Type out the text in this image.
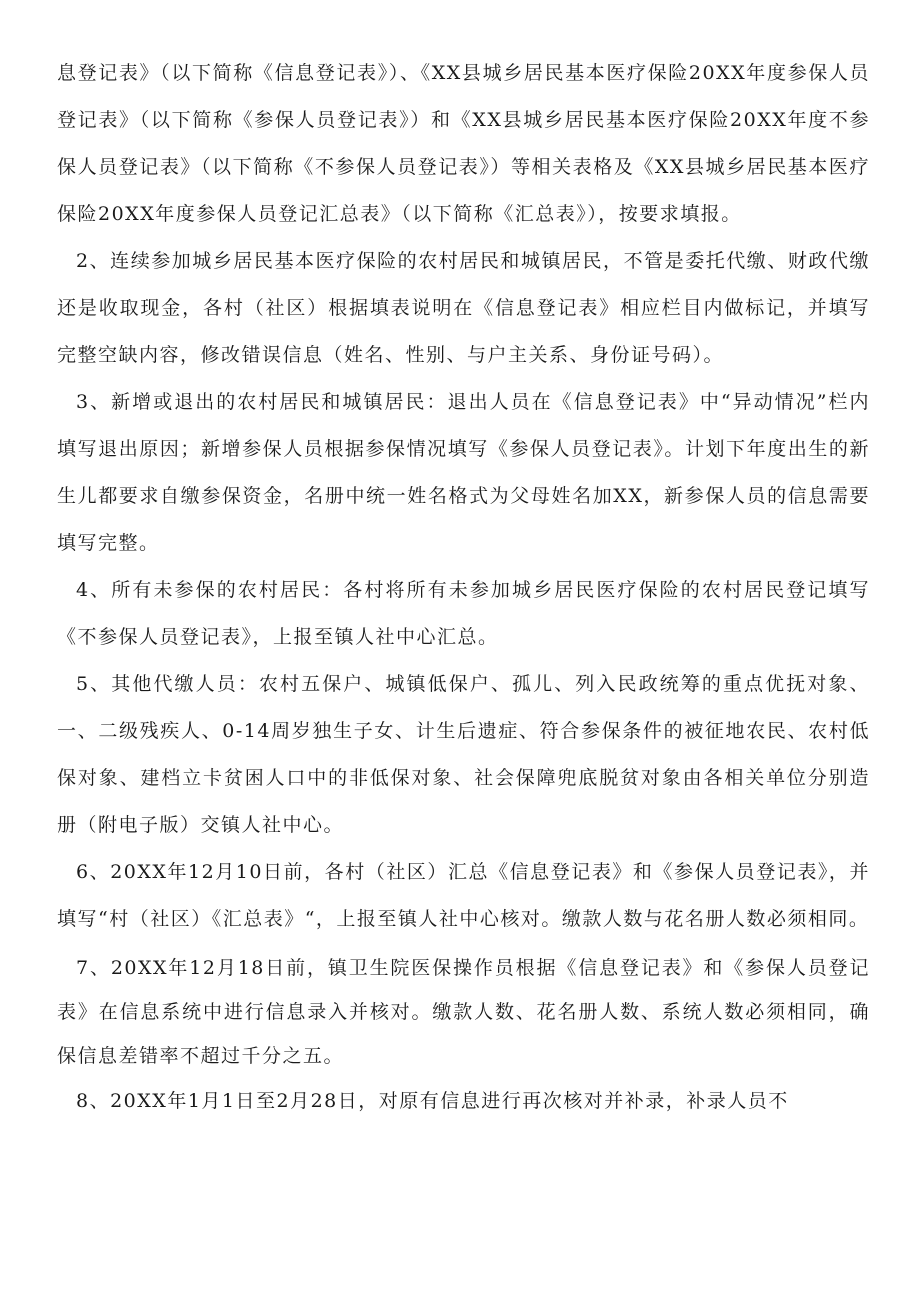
息登记表》（以下简称《信息登记表》）、《XX县城乡居民基本医疗保险20XX年度参保人员登记表》（以下简称《参保人员登记表》）和《XX县城乡居民基本医疗保险20XX年度不参保人员登记表》（以下简称《不参保人员登记表》）等相关表格及《XX县城乡居民基本医疗保险20XX年度参保人员登记汇总表》（以下简称《汇总表》），按要求填报。

2、连续参加城乡居民基本医疗保险的农村居民和城镇居民，不管是委托代缴、财政代缴还是收取现金，各村（社区）根据填表说明在《信息登记表》相应栏目内做标记，并填写完整空缺内容，修改错误信息（姓名、性别、与户主关系、身份证号码）。

3、新增或退出的农村居民和城镇居民：退出人员在《信息登记表》中“异动情况”栏内填写退出原因；新增参保人员根据参保情况填写《参保人员登记表》。计划下年度出生的新生儿都要求自缴参保资金，名册中统一姓名格式为父母姓名加XX，新参保人员的信息需要填写完整。

4、所有未参保的农村居民：各村将所有未参加城乡居民医疗保险的农村居民登记填写《不参保人员登记表》，上报至镇人社中心汇总。

5、其他代缴人员：农村五保户、城镇低保户、孤儿、列入民政统筹的重点优抚对象、一、二级残疾人、0-14周岁独生子女、计生后遗症、符合参保条件的被征地农民、农村低保对象、建档立卡贫困人口中的非低保对象、社会保障兜底脱贫对象由各相关单位分别造册（附电子版）交镇人社中心。

6、20XX年12月10日前，各村（社区）汇总《信息登记表》和《参保人员登记表》，并填写“村（社区）《汇总表》“，上报至镇人社中心核对。缴款人数与花名册人数必须相同。

7、20XX年12月18日前，镇卫生院医保操作员根据《信息登记表》和《参保人员登记表》在信息系统中进行信息录入并核对。缴款人数、花名册人数、系统人数必须相同，确保信息差错率不超过千分之五。

8、20XX年1月1日至2月28日，对原有信息进行再次核对并补录，补录人员不
